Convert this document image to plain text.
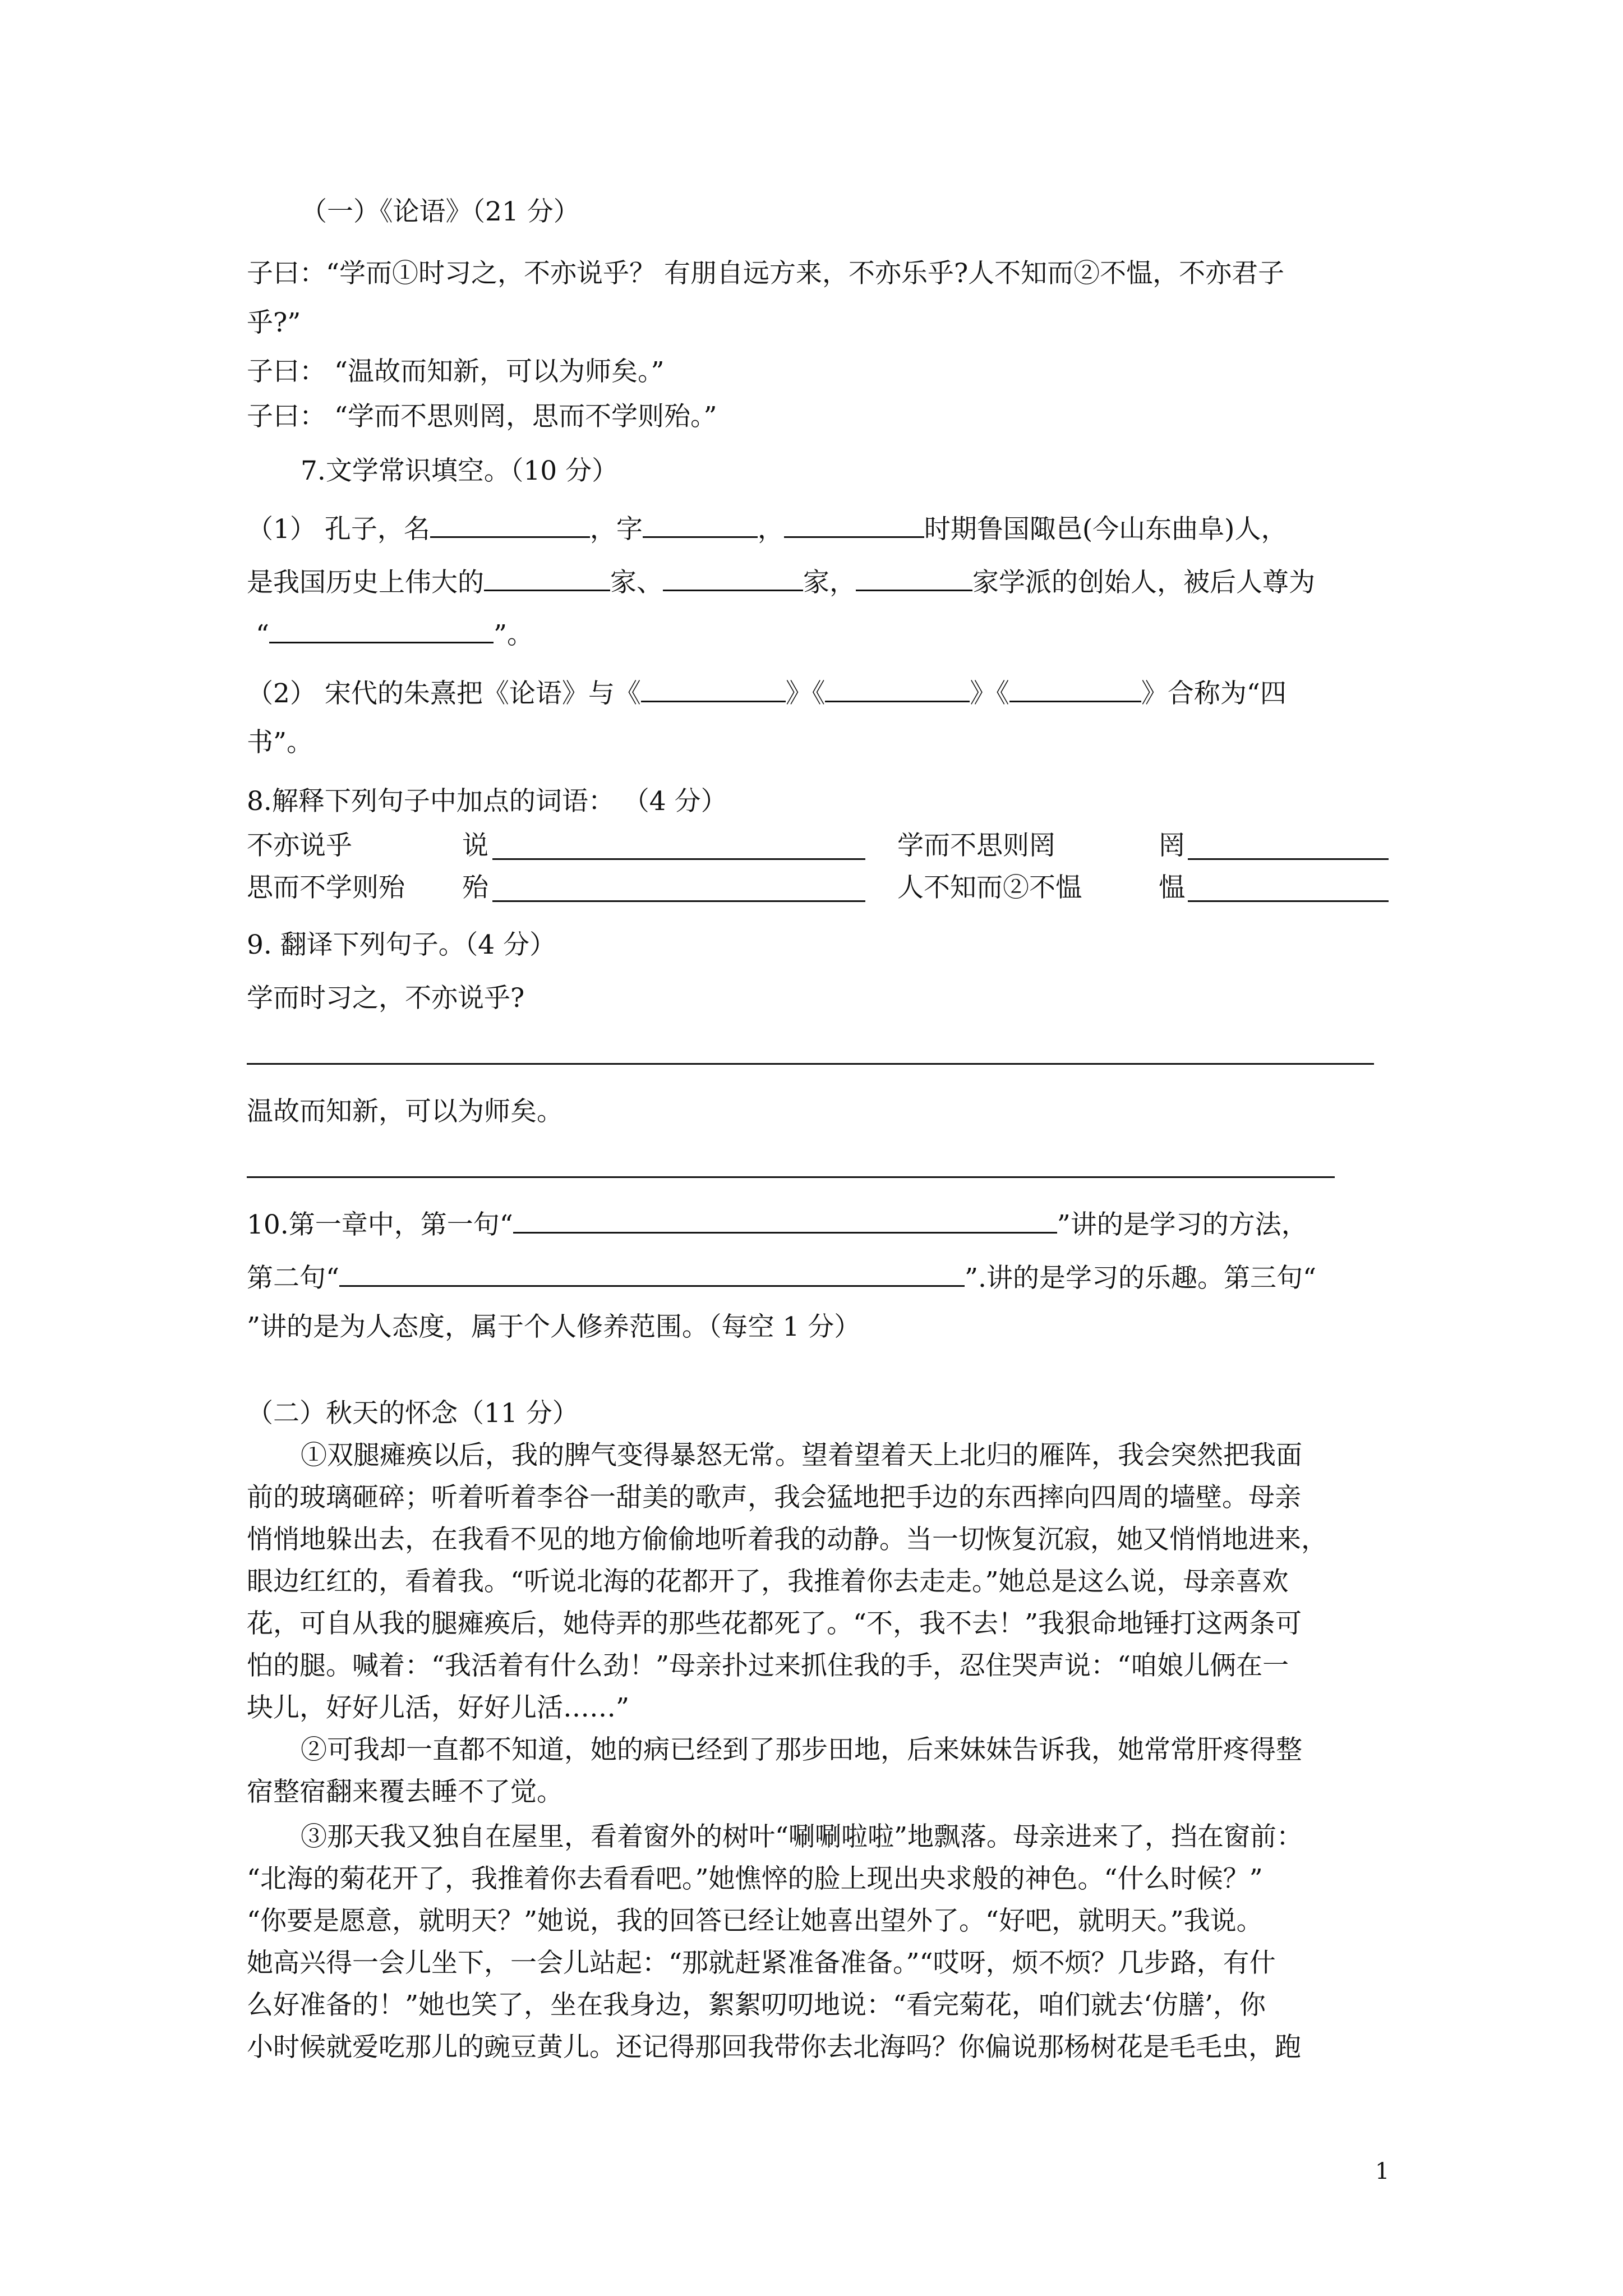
（一）《论语》（21 分）
子曰：“学而①时习之，不亦说乎？ 有朋自远方来，不亦乐乎?人不知而②不愠，不亦君子
乎?”
子曰： “温故而知新，可以为师矣。”
子曰： “学而不思则罔，思而不学则殆。”
7.文学常识填空。（10 分）
（1） 孔子，名	，字	，	时期鲁国陬邑(今山东曲阜)人，
是我国历史上伟大的	家、	家，	家学派的创始人，被后人尊为
“	”。
（2） 宋代的朱熹把《论语》与《	》《	》《	》合称为“四
书”。
8.解释下列句子中加点的词语： （4 分）
不亦说乎	说	学而不思则罔	罔
思而不学则殆 殆	人不知而②不愠	愠
9. 翻译下列句子。（4 分）
学而时习之，不亦说乎?
温故而知新，可以为师矣。
10.第一章中，第一句“	”讲的是学习的方法，
第二句“	”.讲的是学习的乐趣。第三句“
”讲的是为人态度，属于个人修养范围。（每空 1 分）
（二）秋天的怀念（11 分）
①双腿瘫痪以后，我的脾气变得暴怒无常。望着望着天上北归的雁阵，我会突然把我面
前的玻璃砸碎；听着听着李谷一甜美的歌声，我会猛地把手边的东西摔向四周的墙壁。母亲
悄悄地躲出去，在我看不见的地方偷偷地听着我的动静。当一切恢复沉寂，她又悄悄地进来，
眼边红红的，看着我。“听说北海的花都开了，我推着你去走走。”她总是这么说，母亲喜欢
花，可自从我的腿瘫痪后，她侍弄的那些花都死了。“不，我不去！”我狠命地锤打这两条可
怕的腿。喊着：“我活着有什么劲！”母亲扑过来抓住我的手，忍住哭声说：“咱娘儿俩在一
块儿，好好儿活，好好儿活……”
②可我却一直都不知道，她的病已经到了那步田地，后来妹妹告诉我，她常常肝疼得整
宿整宿翻来覆去睡不了觉。
③那天我又独自在屋里，看着窗外的树叶“唰唰啦啦”地飘落。母亲进来了，挡在窗前：
“北海的菊花开了，我推着你去看看吧。”她憔悴的脸上现出央求般的神色。“什么时候？”
“你要是愿意，就明天？”她说，我的回答已经让她喜出望外了。“好吧，就明天。”我说。
她高兴得一会儿坐下，一会儿站起：“那就赶紧准备准备。”“哎呀，烦不烦？几步路，有什
么好准备的！”她也笑了，坐在我身边，絮絮叨叨地说：“看完菊花，咱们就去‘仿膳’，你
小时候就爱吃那儿的豌豆黄儿。还记得那回我带你去北海吗？你偏说那杨树花是毛毛虫，跑
1
